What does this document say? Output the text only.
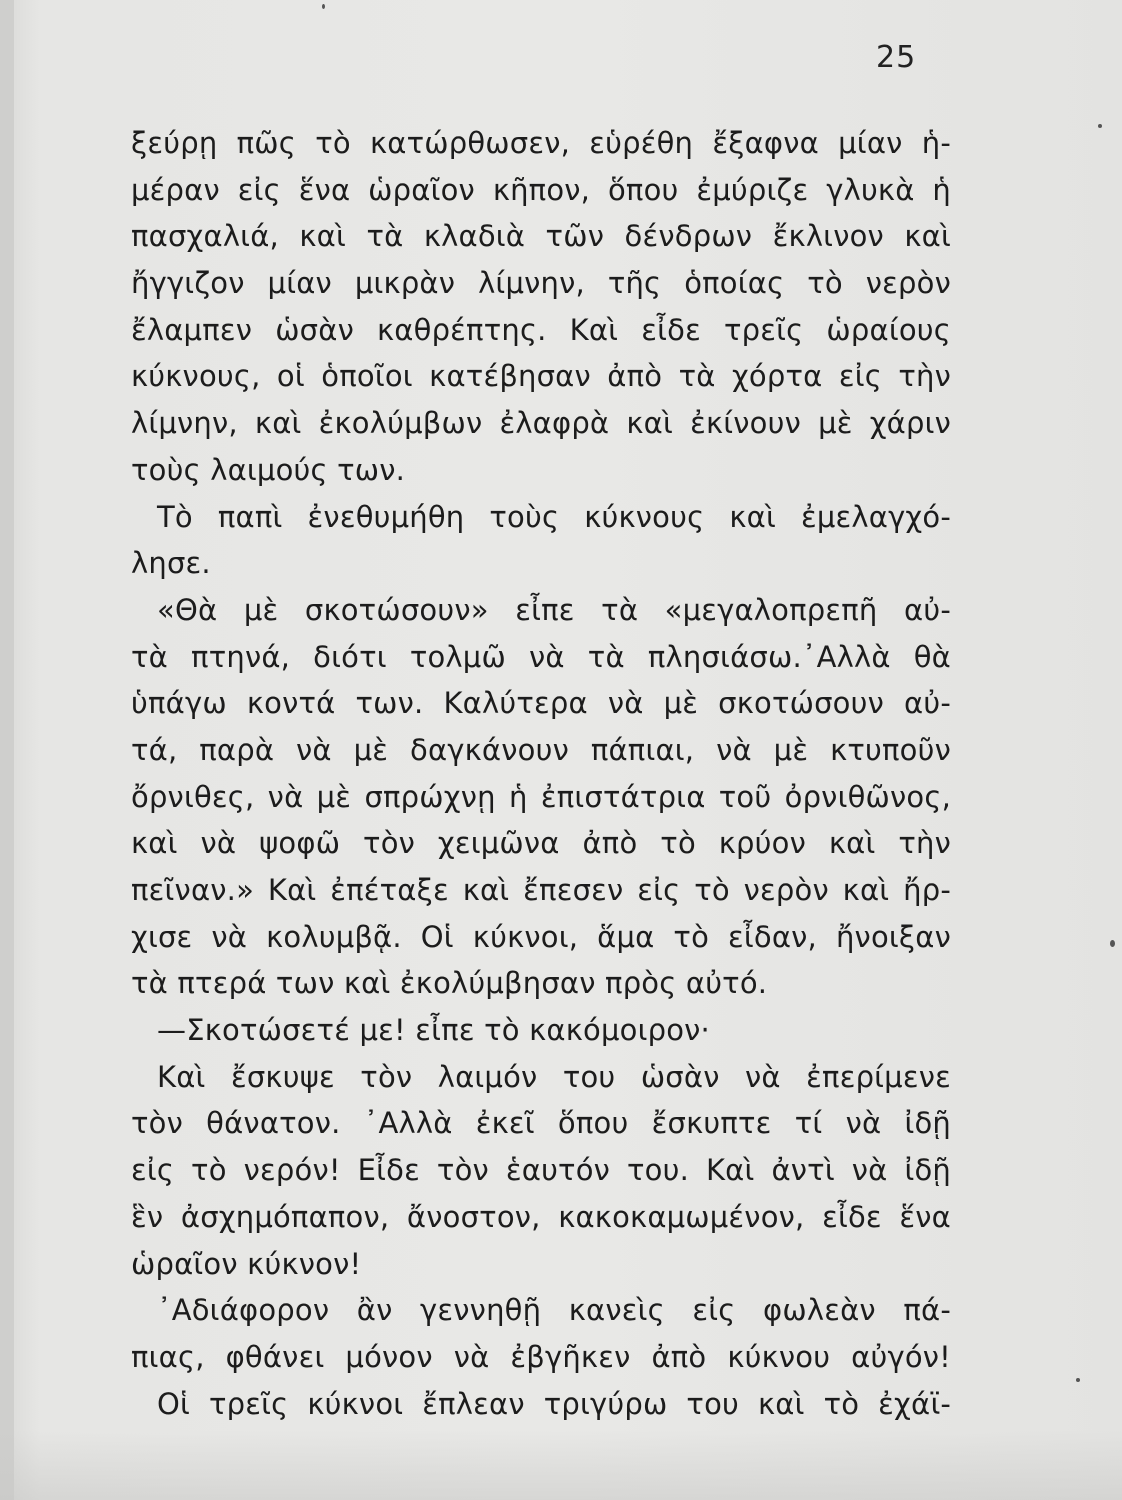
25
ξεύρῃ πῶς τὸ κατώρθωσεν, εὑρέθη ἔξαφνα μίαν ἡ-
μέραν εἰς ἕνα ὡραῖον κῆπον, ὅπου ἐμύριζε γλυκὰ ἡ
πασχαλιά, καὶ τὰ κλαδιὰ τῶν δένδρων ἔκλινον καὶ
ἤγγιζον μίαν μικρὰν λίμνην, τῆς ὁποίας τὸ νερὸν
ἔλαμπεν ὡσὰν καθρέπτης. Καὶ εἶδε τρεῖς ὡραίους
κύκνους, οἱ ὁποῖοι κατέβησαν ἀπὸ τὰ χόρτα εἰς τὴν
λίμνην, καὶ ἐκολύμβων ἐλαφρὰ καὶ ἐκίνουν μὲ χάριν
τοὺς λαιμούς των.
Τὸ παπὶ ἐνεθυμήθη τοὺς κύκνους καὶ ἐμελαγχό-
λησε.
«Θὰ μὲ σκοτώσουν» εἶπε τὰ «μεγαλοπρεπῆ αὐ-
τὰ πτηνά, διότι τολμῶ νὰ τὰ πλησιάσω.᾿Αλλὰ θὰ
ὑπάγω κοντά των. Καλύτερα νὰ μὲ σκοτώσουν αὐ-
τά, παρὰ νὰ μὲ δαγκάνουν πάπιαι, νὰ μὲ κτυποῦν
ὄρνιθες, νὰ μὲ σπρώχνῃ ἡ ἐπιστάτρια τοῦ ὀρνιθῶνος,
καὶ νὰ ψοφῶ τὸν χειμῶνα ἀπὸ τὸ κρύον καὶ τὴν
πεῖναν.» Καὶ ἐπέταξε καὶ ἔπεσεν εἰς τὸ νερὸν καὶ ἤρ-
χισε νὰ κολυμβᾷ. Οἱ κύκνοι, ἅμα τὸ εἶδαν, ἤνοιξαν
τὰ πτερά των καὶ ἐκολύμβησαν πρὸς αὐτό.
—Σκοτώσετέ με! εἶπε τὸ κακόμοιρον·
Καὶ ἔσκυψε τὸν λαιμόν του ὡσὰν νὰ ἐπερίμενε
τὸν θάνατον. ᾿Αλλὰ ἐκεῖ ὅπου ἔσκυπτε τί νὰ ἰδῇ
εἰς τὸ νερόν! Εἶδε τὸν ἑαυτόν του. Καὶ ἀντὶ νὰ ἰδῇ
ἓν ἀσχημόπαπον, ἄνοστον, κακοκαμωμένον, εἶδε ἕνα
ὡραῖον κύκνον!
᾿Αδιάφορον ἂν γεννηθῇ κανεὶς εἰς φωλεὰν πά-
πιας, φθάνει μόνον νὰ ἐβγῆκεν ἀπὸ κύκνου αὐγόν!
Οἱ τρεῖς κύκνοι ἔπλεαν τριγύρω του καὶ τὸ ἐχάϊ-
